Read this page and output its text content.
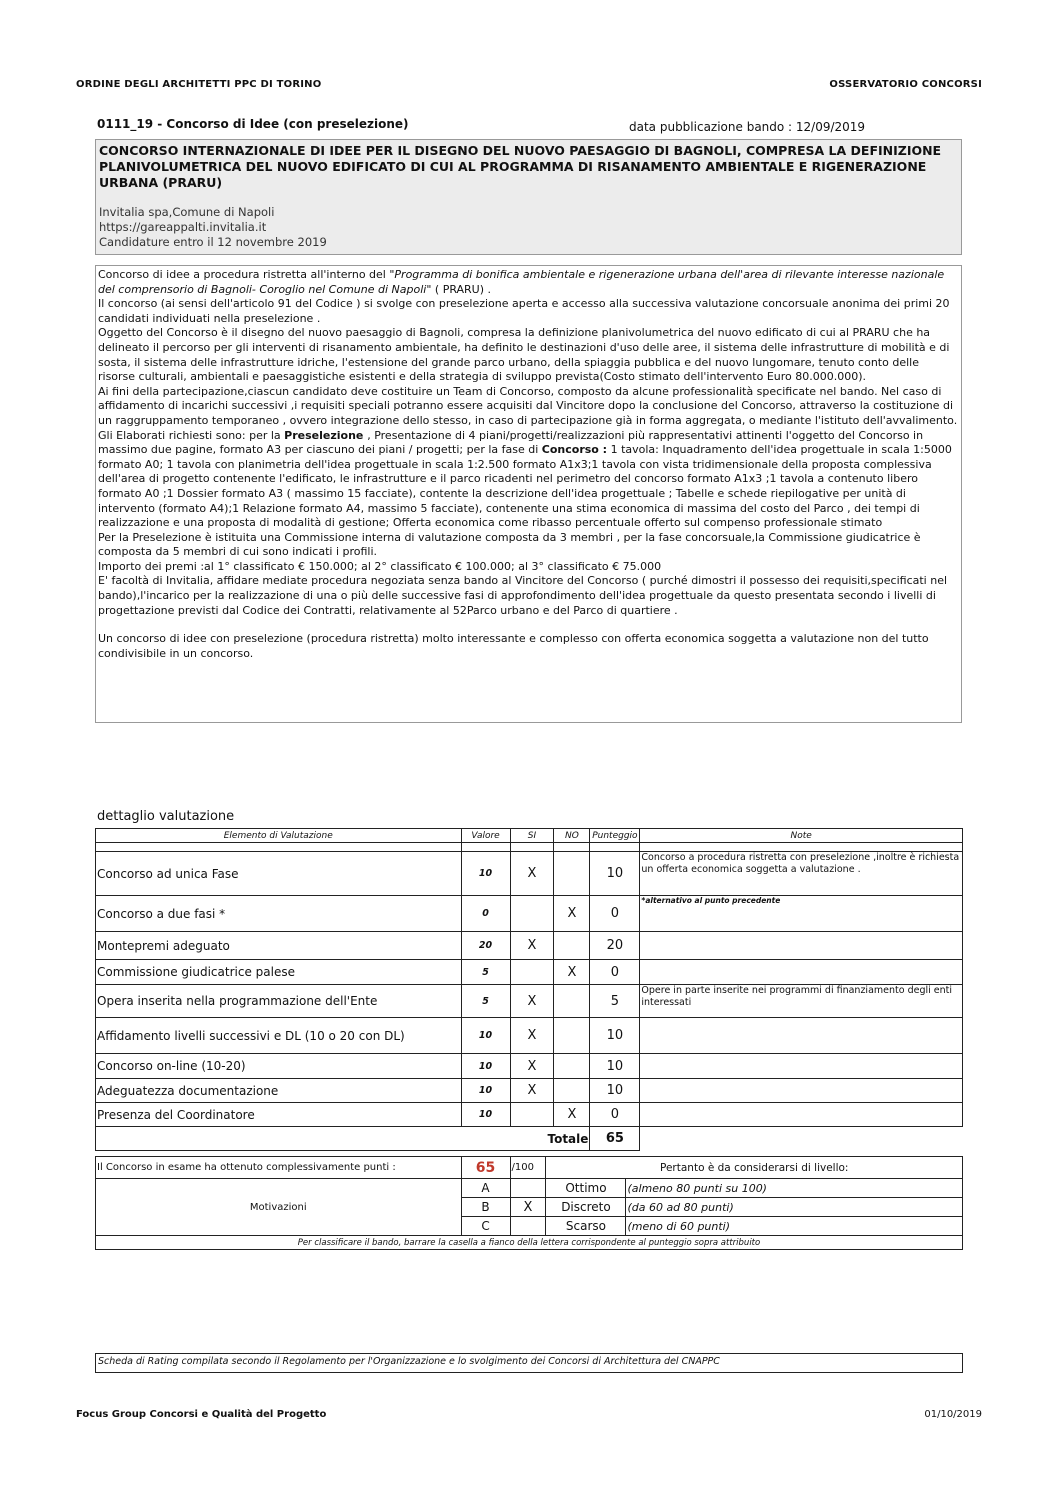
ORDINE DEGLI ARCHITETTI PPC DI TORINO	OSSERVATORIO CONCORSI
0111_19 - Concorso di Idee (con preselezione)	data pubblicazione bando : 12/09/2019
CONCORSO INTERNAZIONALE DI IDEE PER IL DISEGNO DEL NUOVO PAESAGGIO DI BAGNOLI, COMPRESA LA DEFINIZIONE PLANIVOLUMETRICA DEL NUOVO EDIFICATO DI CUI AL PROGRAMMA DI RISANAMENTO AMBIENTALE E RIGENERAZIONE URBANA (PRARU)
Invitalia spa,Comune di Napoli
https://gareappalti.invitalia.it
Candidature entro il 12 novembre 2019

Concorso di idee a procedura ristretta all'interno del "Programma di bonifica ambientale e rigenerazione urbana dell'area di rilevante interesse nazionale del comprensorio di Bagnoli- Coroglio nel Comune di Napoli" ( PRARU) .

Il concorso (ai sensi dell'articolo 91 del Codice ) si svolge con preselezione aperta e accesso alla successiva valutazione concorsuale anonima dei primi 20 candidati individuati nella preselezione .

Oggetto del Concorso è il disegno del nuovo paesaggio di Bagnoli, compresa la definizione planivolumetrica del nuovo edificato di cui al PRARU che ha delineato il percorso per gli interventi di risanamento ambientale, ha definito le destinazioni d'uso delle aree, il sistema delle infrastrutture di mobilità e di sosta, il sistema delle infrastrutture idriche, l'estensione del grande parco urbano, della spiaggia pubblica e del nuovo lungomare, tenuto conto delle risorse culturali, ambientali e paesaggistiche esistenti e della strategia di sviluppo prevista(Costo stimato dell'intervento Euro 80.000.000).

Ai fini della partecipazione,ciascun candidato deve costituire un Team di Concorso, composto da alcune professionalità specificate nel bando. Nel caso di affidamento di incarichi successivi ,i requisiti speciali potranno essere acquisiti dal Vincitore dopo la conclusione del Concorso, attraverso la costituzione di un raggruppamento temporaneo , ovvero integrazione dello stesso, in caso di partecipazione già in forma aggregata, o mediante l'istituto dell'avvalimento.

Gli Elaborati richiesti sono: per la Preselezione , Presentazione di 4 piani/progetti/realizzazioni più rappresentativi attinenti l'oggetto del Concorso in massimo due pagine, formato A3 per ciascuno dei piani / progetti; per la fase di Concorso : 1 tavola: Inquadramento dell'idea progettuale in scala 1:5000 formato A0; 1 tavola con planimetria dell'idea progettuale in scala 1:2.500 formato A1x3;1 tavola con vista tridimensionale della proposta complessiva dell'area di progetto contenente l'edificato, le infrastrutture e il parco ricadenti nel perimetro del concorso formato A1x3 ;1 tavola a contenuto libero formato A0 ;1 Dossier formato A3 ( massimo 15 facciate), contente la descrizione dell'idea progettuale ; Tabelle e schede riepilogative per unità di intervento (formato A4);1 Relazione formato A4, massimo 5 facciate), contenente una stima economica di massima del costo del Parco , dei tempi di realizzazione e una proposta di modalità di gestione; Offerta economica come ribasso percentuale offerto sul compenso professionale stimato

Per la Preselezione è istituita una Commissione interna di valutazione composta da 3 membri , per la fase concorsuale,la Commissione giudicatrice è composta da 5 membri di cui sono indicati i profili.

Importo dei premi :al 1° classificato € 150.000; al 2° classificato € 100.000; al 3° classificato € 75.000

E' facoltà di Invitalia, affidare mediate procedura negoziata senza bando al Vincitore del Concorso ( purché dimostri il possesso dei requisiti,specificati nel bando),l'incarico per la realizzazione di una o più delle successive fasi di approfondimento dell'idea progettuale da questo presentata secondo i livelli di progettazione previsti dal Codice dei Contratti, relativamente al 52Parco urbano e del Parco di quartiere .

Un concorso di idee con preselezione (procedura ristretta) molto interessante e complesso con offerta economica soggetta a valutazione non del tutto condivisibile in un concorso.

dettaglio valutazione
Elemento di Valutazione	Valore	SI	NO	Punteggio	Note

Concorso ad unica Fase	10	X		10	Concorso a procedura ristretta con preselezione ,inoltre è richiesta un offerta economica soggetta a valutazione .
Concorso a due fasi *	0		X	0	*alternativo al punto precedente
Montepremi adeguato	20	X		20	
Commissione giudicatrice palese	5		X	0	
Opera inserita nella programmazione dell'Ente	5	X		5	Opere in parte inserite nei programmi di finanziamento degli enti interessati
Affidamento livelli successivi e DL (10 o 20 con DL)	10	X		10	
Concorso on-line (10-20)	10	X		10	
Adeguatezza documentazione	10	X		10	
Presenza del Coordinatore	10		X	0	
	Totale			65	
Il Concorso in esame ha ottenuto complessivamente punti :	65	/100	Pertanto è da considerarsi di livello:	
Motivazioni	A		Ottimo	(almeno 80 punti su 100)
	B	X	Discreto	(da 60 ad 80 punti)
	C		Scarso	(meno di 60 punti)
Per classificare il bando, barrare la casella a fianco della lettera corrispondente al punteggio sopra attribuito				
Scheda di Rating compilata secondo il Regolamento per l'Organizzazione e lo svolgimento dei Concorsi di Architettura del CNAPPC
Focus Group Concorsi e Qualità del Progetto	01/10/2019
